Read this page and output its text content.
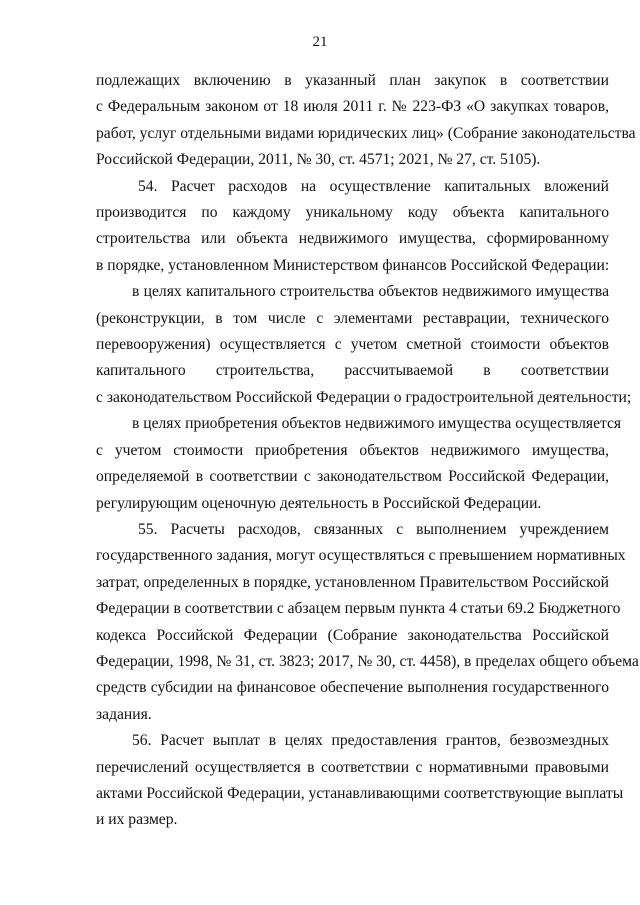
21

подлежащих включению в указанный план закупок в соответствии
с Федеральным законом от 18 июля 2011 г. № 223-ФЗ «О закупках товаров,
работ, услуг отдельными видами юридических лиц» (Собрание законодательства
Российской Федерации, 2011, № 30, ст. 4571; 2021, № 27, ст. 5105).

54. Расчет расходов на осуществление капитальных вложений
производится по каждому уникальному коду объекта капитального
строительства или объекта недвижимого имущества, сформированному
в порядке, установленном Министерством финансов Российской Федерации:

в целях капитального строительства объектов недвижимого имущества
(реконструкции, в том числе с элементами реставрации, технического
перевооружения) осуществляется с учетом сметной стоимости объектов
капитального строительства, рассчитываемой в соответствии
с законодательством Российской Федерации о градостроительной деятельности;

в целях приобретения объектов недвижимого имущества осуществляется
с учетом стоимости приобретения объектов недвижимого имущества,
определяемой в соответствии с законодательством Российской Федерации,
регулирующим оценочную деятельность в Российской Федерации.

55. Расчеты расходов, связанных с выполнением учреждением
государственного задания, могут осуществляться с превышением нормативных
затрат, определенных в порядке, установленном Правительством Российской
Федерации в соответствии с абзацем первым пункта 4 статьи 69.2 Бюджетного
кодекса Российской Федерации (Собрание законодательства Российской
Федерации, 1998, № 31, ст. 3823; 2017, № 30, ст. 4458), в пределах общего объема
средств субсидии на финансовое обеспечение выполнения государственного
задания.

56. Расчет выплат в целях предоставления грантов, безвозмездных
перечислений осуществляется в соответствии с нормативными правовыми
актами Российской Федерации, устанавливающими соответствующие выплаты
и их размер.
